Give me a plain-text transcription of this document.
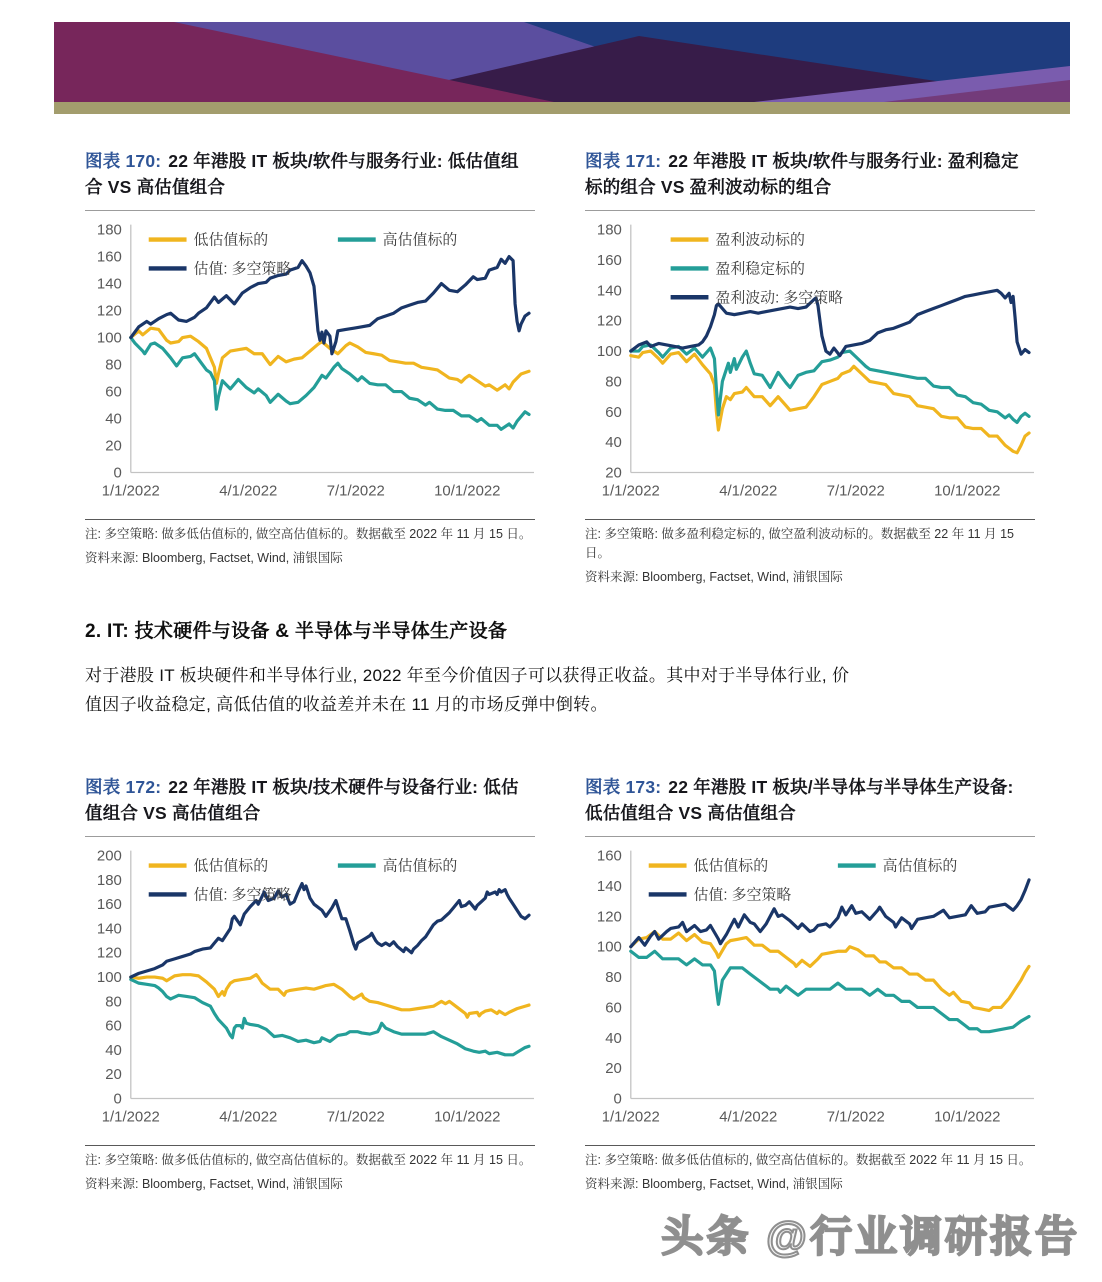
图表 170: 22 年港股 IT 板块/软件与服务行业: 低估值组合 VS 高估值组合
0
20
40
60
80
100
120
140
160
180
1/1/2022	4/1/2022	7/1/2022	10/1/2022
低估值标的	高估值标的
估值: 多空策略

注: 多空策略: 做多低估值标的, 做空高估值标的。数据截至 2022 年 11 月 15 日。

资料来源: Bloomberg, Factset, Wind, 浦银国际

图表 171: 22 年港股 IT 板块/软件与服务行业: 盈利稳定标的组合 VS 盈利波动标的组合
20
40
60
80
100
120
140
160
180
1/1/2022	4/1/2022	7/1/2022	10/1/2022
盈利波动标的
盈利稳定标的
盈利波动: 多空策略

注: 多空策略: 做多盈利稳定标的, 做空盈利波动标的。数据截至 22 年 11 月 15 日。

资料来源: Bloomberg, Factset, Wind, 浦银国际

2. IT: 技术硬件与设备 & 半导体与半导体生产设备

对于港股 IT 板块硬件和半导体行业, 2022 年至今价值因子可以获得正收益。其中对于半导体行业, 价值因子收益稳定, 高低估值的收益差并未在 11 月的市场反弹中倒转。

图表 172: 22 年港股 IT 板块/技术硬件与设备行业: 低估值组合 VS 高估值组合
0
20
40
60
80
100
120
140
160
180
200
1/1/2022	4/1/2022	7/1/2022	10/1/2022
低估值标的	高估值标的
估值: 多空策略

注: 多空策略: 做多低估值标的, 做空高估值标的。数据截至 2022 年 11 月 15 日。

资料来源: Bloomberg, Factset, Wind, 浦银国际

图表 173: 22 年港股 IT 板块/半导体与半导体生产设备: 低估值组合 VS 高估值组合
0
20
40
60
80
100
120
140
160
1/1/2022	4/1/2022	7/1/2022	10/1/2022
低估值标的	高估值标的
估值: 多空策略

注: 多空策略: 做多低估值标的, 做空高估值标的。数据截至 2022 年 11 月 15 日。

资料来源: Bloomberg, Factset, Wind, 浦银国际

头条 @行业调研报告
